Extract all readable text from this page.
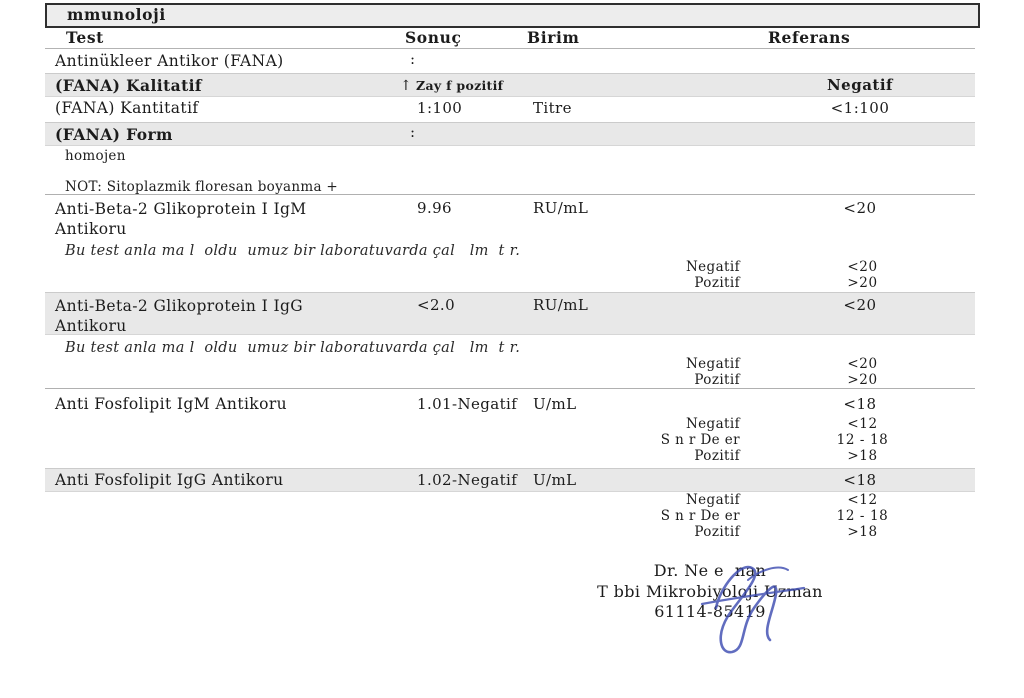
mmunoloji
Test	Sonuç	Birim	Referans
Antinükleer Antikor (FANA)	:
(FANA) Kalitatif	↑ Zay f pozitif	Negatif
(FANA) Kantitatif	1:100	Titre	<1:100
(FANA) Form	:
homojen
NOT: Sitoplazmik floresan boyanma +
Anti-Beta-2 Glikoprotein I IgM
Antikoru
9.96	RU/mL	<20
Bu test anla ma l  oldu  umuz bir laboratuvarda çal   lm  t r.
Negatif	<20
Pozitif	>20
Anti-Beta-2 Glikoprotein I IgG
Antikoru
<2.0	RU/mL	<20
Bu test anla ma l  oldu  umuz bir laboratuvarda çal   lm  t r.
Negatif	<20
Pozitif	>20
Anti Fosfolipit IgM Antikoru	1.01-Negatif U/mL	<18
Negatif	<12
S n r De er	12 - 18
Pozitif	>18
Anti Fosfolipit IgG Antikoru	1.02-Negatif U/mL	<18
Negatif	<12
S n r De er	12 - 18
Pozitif	>18
Dr. Ne e  nan
T bbi Mikrobiyoloji Uzman
61114-85419
